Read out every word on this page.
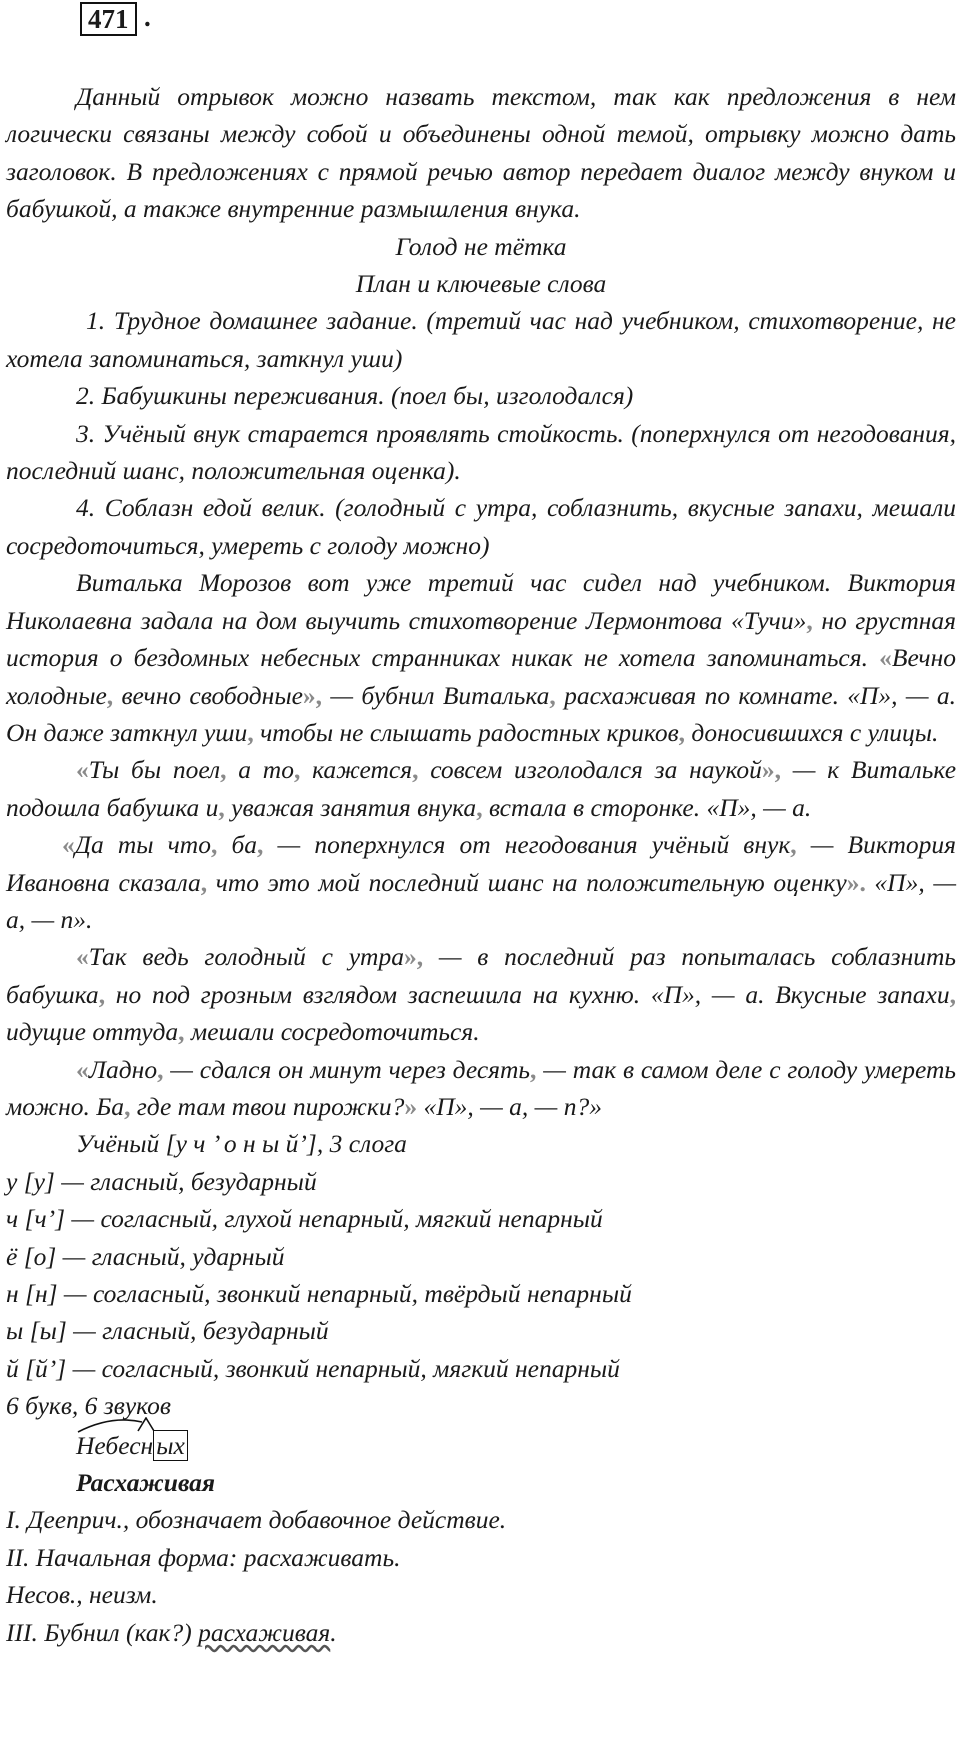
471 .

Данный отрывок можно назвать текстом, так как предложения в нем логически связаны между собой и объединены одной темой, отрывку можно дать заголовок. В предложениях с прямой речью автор передает диалог между внуком и бабушкой, а также внутренние размышления внука.

Голод не тётка

План и ключевые слова

1. Трудное домашнее задание. (третий час над учебником, стихотворение, не хотела запоминаться, заткнул уши)

2. Бабушкины переживания. (поел бы, изголодался)

3. Учёный внук старается проявлять стойкость. (поперхнулся от негодования, последний шанс, положительная оценка).

4. Соблазн едой велик. (голодный с утра, соблазнить, вкусные запахи, мешали сосредоточиться, умереть с голоду можно)

Виталька Морозов вот уже третий час сидел над учебником. Виктория Николаевна задала на дом выучить стихотворение Лермонтова «Тучи», но грустная история о бездомных небесных странниках никак не хотела запоминаться. «Вечно холодные, вечно свободные», — бубнил Виталька, расхаживая по комнате. «П», — а. Он даже заткнул уши, чтобы не слышать радостных криков, доносившихся с улицы.

«Ты бы поел, а то, кажется, совсем изголодался за наукой», — к Витальке подошла бабушка и, уважая занятия внука, встала в сторонке. «П», — а.

«Да ты что, ба, — поперхнулся от негодования учёный внук, — Виктория Ивановна сказала, что это мой последний шанс на положительную оценку». «П», — а, — п».

«Так ведь голодный с утра», — в последний раз попыталась соблазнить бабушка, но под грозным взглядом заспешила на кухню. «П», — а. Вкусные запахи, идущие оттуда, мешали сосредоточиться.

«Ладно, — сдался он минут через десять, — так в самом деле с голоду умереть можно. Ба, где там твои пирожки?» «П», — а, — п?»

Учёный [у ч ’ о н ы й’], 3 слога

у [у] — гласный, безударный

ч [ч’] — согласный, глухой непарный, мягкий непарный

ё [о] — гласный, ударный

н [н] — согласный, звонкий непарный, твёрдый непарный

ы [ы] — гласный, безударный

й [й’] — согласный, звонкий непарный, мягкий непарный

6 букв, 6 звуков

Небесн ых

Расхаживая

I. Дееприч., обозначает добавочное действие.

II. Начальная форма: расхаживать.

Несов., неизм.

III. Бубнил (как?) расхаживая.
